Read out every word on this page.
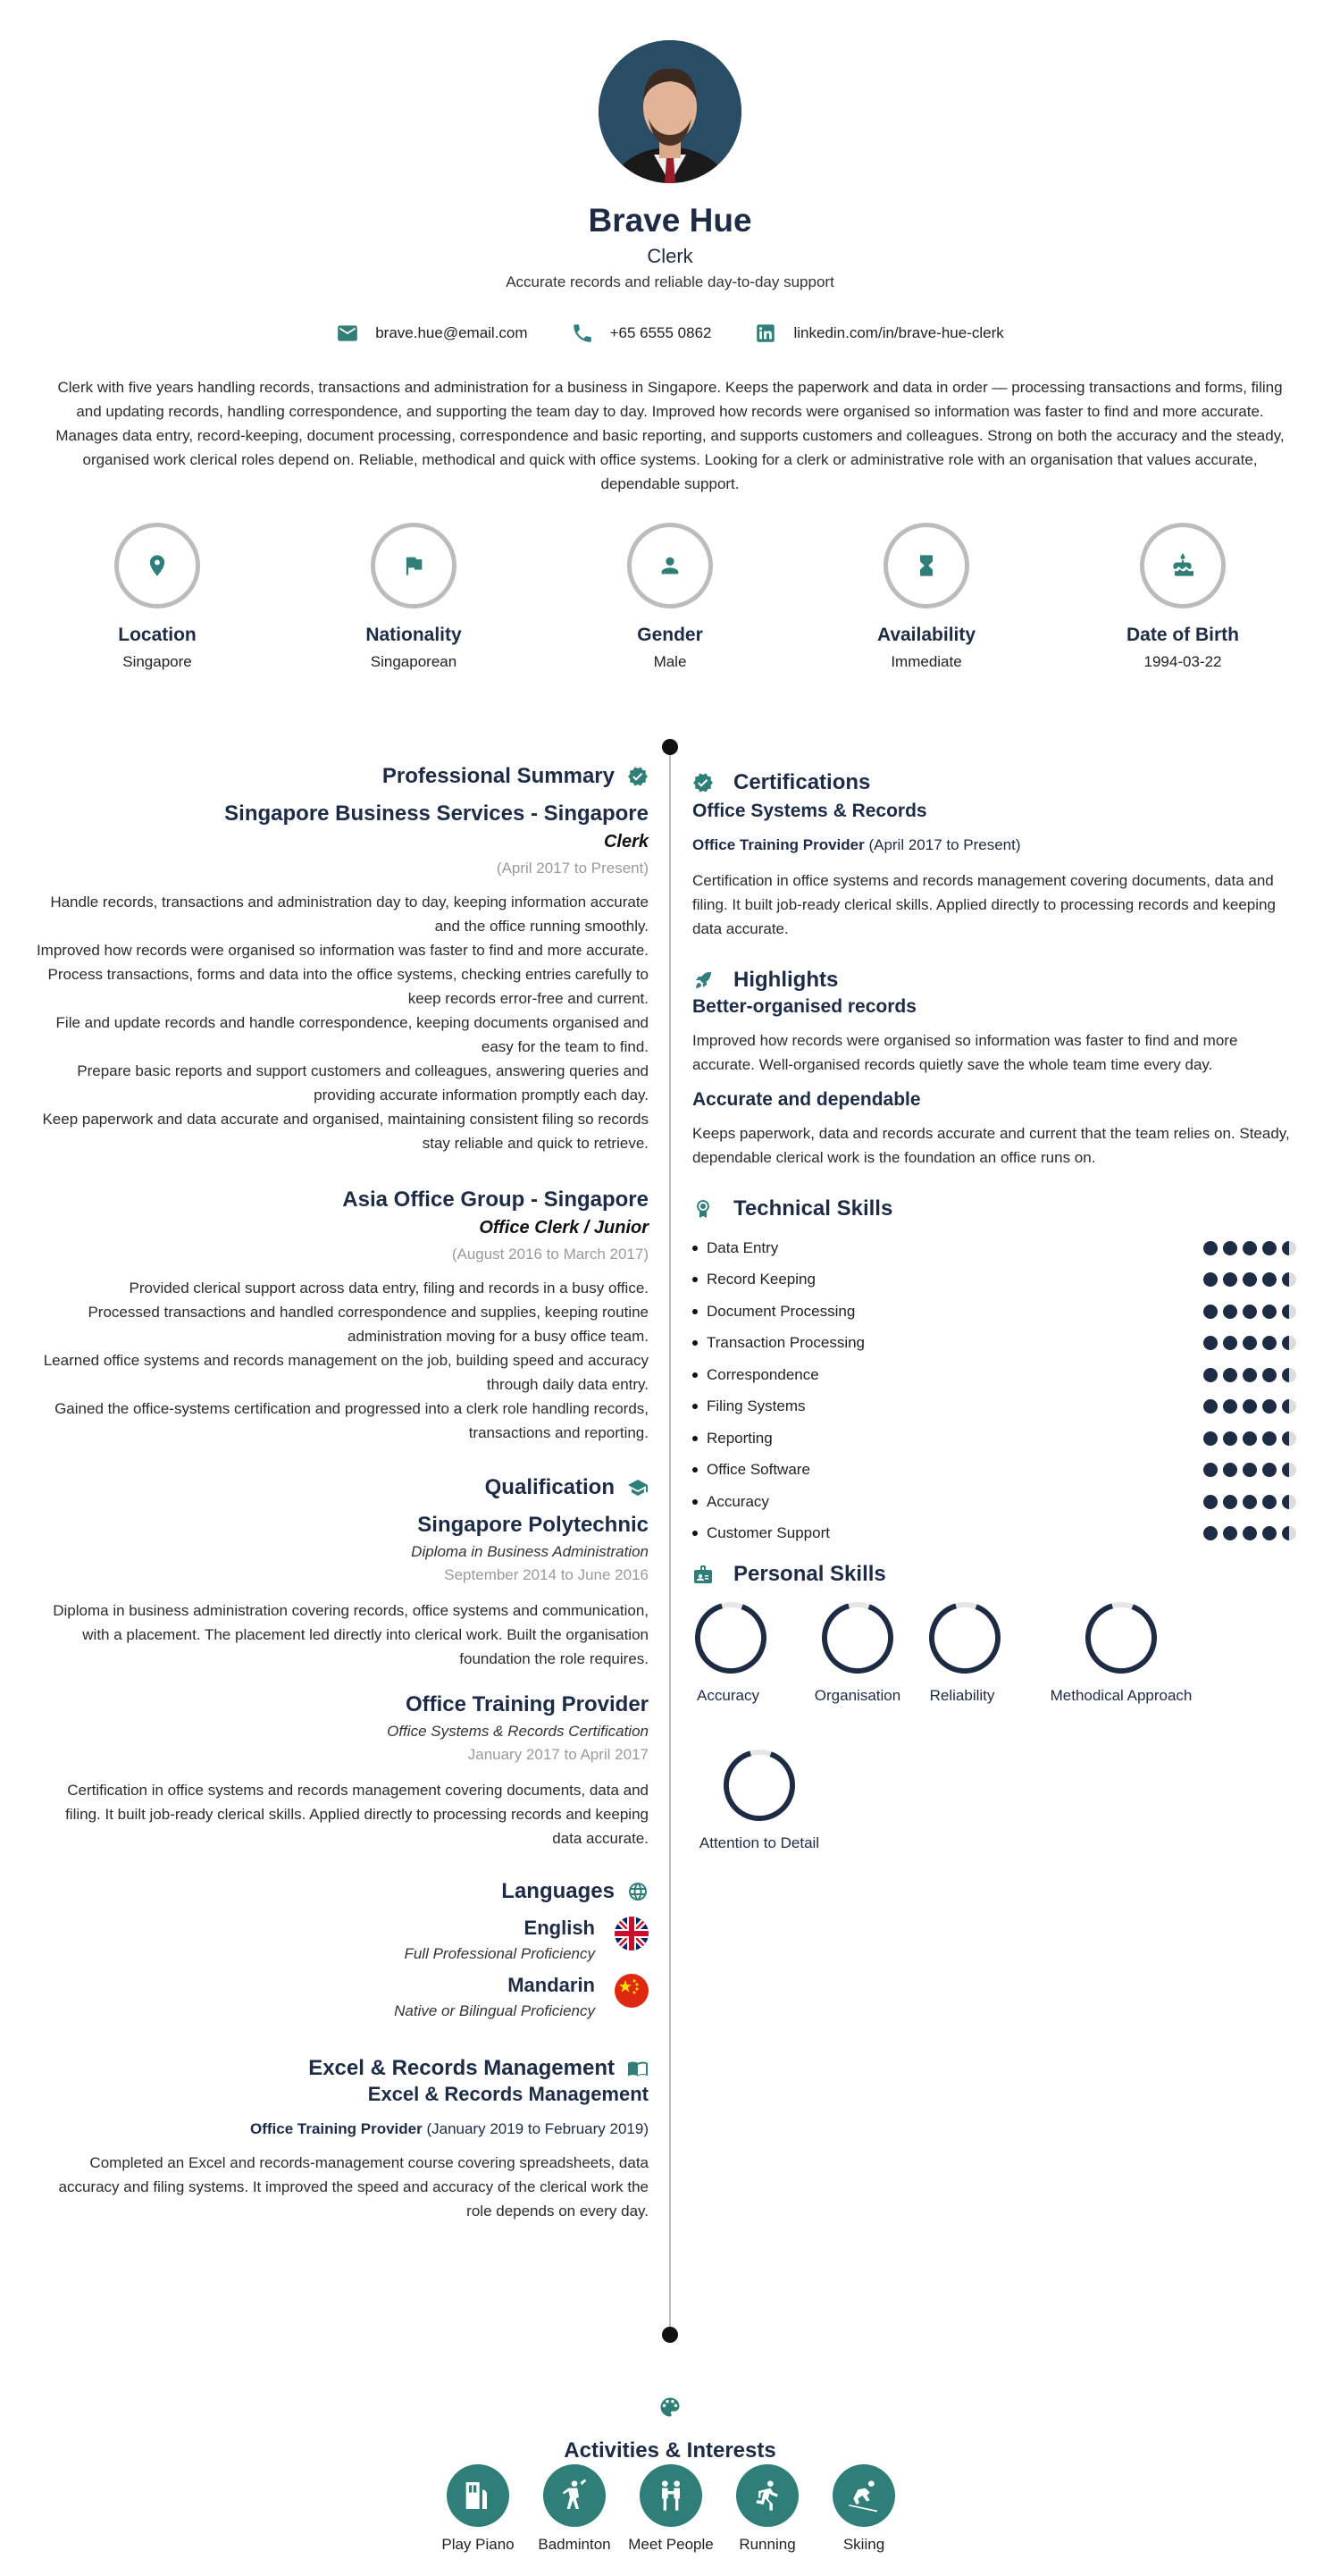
Brave Hue
Clerk
Accurate records and reliable day-to-day support
brave.hue@email.com	+65 6555 0862	linkedin.com/in/brave-hue-clerk
Clerk with five years handling records, transactions and administration for a business in Singapore. Keeps the paperwork and data in order — processing transactions and forms, filing and updating records, handling correspondence, and supporting the team day to day. Improved how records were organised so information was faster to find and more accurate. Manages data entry, record-keeping, document processing, correspondence and basic reporting, and supports customers and colleagues. Strong on both the accuracy and the steady, organised work clerical roles depend on. Reliable, methodical and quick with office systems. Looking for a clerk or administrative role with an organisation that values accurate, dependable support.
Location
Singapore
Nationality
Singaporean
Gender
Male
Availability
Immediate
Date of Birth
1994-03-22
Professional Summary
Singapore Business Services - Singapore
Clerk
(April 2017 to Present)
Handle records, transactions and administration day to day, keeping information accurate and the office running smoothly.
Improved how records were organised so information was faster to find and more accurate.
Process transactions, forms and data into the office systems, checking entries carefully to keep records error-free and current.
File and update records and handle correspondence, keeping documents organised and easy for the team to find.
Prepare basic reports and support customers and colleagues, answering queries and providing accurate information promptly each day.
Keep paperwork and data accurate and organised, maintaining consistent filing so records stay reliable and quick to retrieve.
Asia Office Group - Singapore
Office Clerk / Junior
(August 2016 to March 2017)
Provided clerical support across data entry, filing and records in a busy office.
Processed transactions and handled correspondence and supplies, keeping routine administration moving for a busy office team.
Learned office systems and records management on the job, building speed and accuracy through daily data entry.
Gained the office-systems certification and progressed into a clerk role handling records, transactions and reporting.
Qualification
Singapore Polytechnic
Diploma in Business Administration
September 2014 to June 2016
Diploma in business administration covering records, office systems and communication, with a placement. The placement led directly into clerical work. Built the organisation foundation the role requires.
Office Training Provider
Office Systems & Records Certification
January 2017 to April 2017
Certification in office systems and records management covering documents, data and filing. It built job-ready clerical skills. Applied directly to processing records and keeping data accurate.
Languages
English
Full Professional Proficiency
Mandarin
Native or Bilingual Proficiency
Excel & Records Management
Excel & Records Management
Office Training Provider (January 2019 to February 2019)
Completed an Excel and records-management course covering spreadsheets, data accuracy and filing systems. It improved the speed and accuracy of the clerical work the role depends on every day.
Certifications
Office Systems & Records
Office Training Provider (April 2017 to Present)
Certification in office systems and records management covering documents, data and filing. It built job-ready clerical skills. Applied directly to processing records and keeping data accurate.
Highlights
Better-organised records
Improved how records were organised so information was faster to find and more accurate. Well-organised records quietly save the whole team time every day.
Accurate and dependable
Keeps paperwork, data and records accurate and current that the team relies on. Steady, dependable clerical work is the foundation an office runs on.
Technical Skills
Data Entry
Record Keeping
Document Processing
Transaction Processing
Correspondence
Filing Systems
Reporting
Office Software
Accuracy
Customer Support
Personal Skills
Accuracy	Organisation	Reliability	Methodical Approach
Attention to Detail
Activities & Interests
Play Piano	Badminton	Meet People	Running	Skiing
